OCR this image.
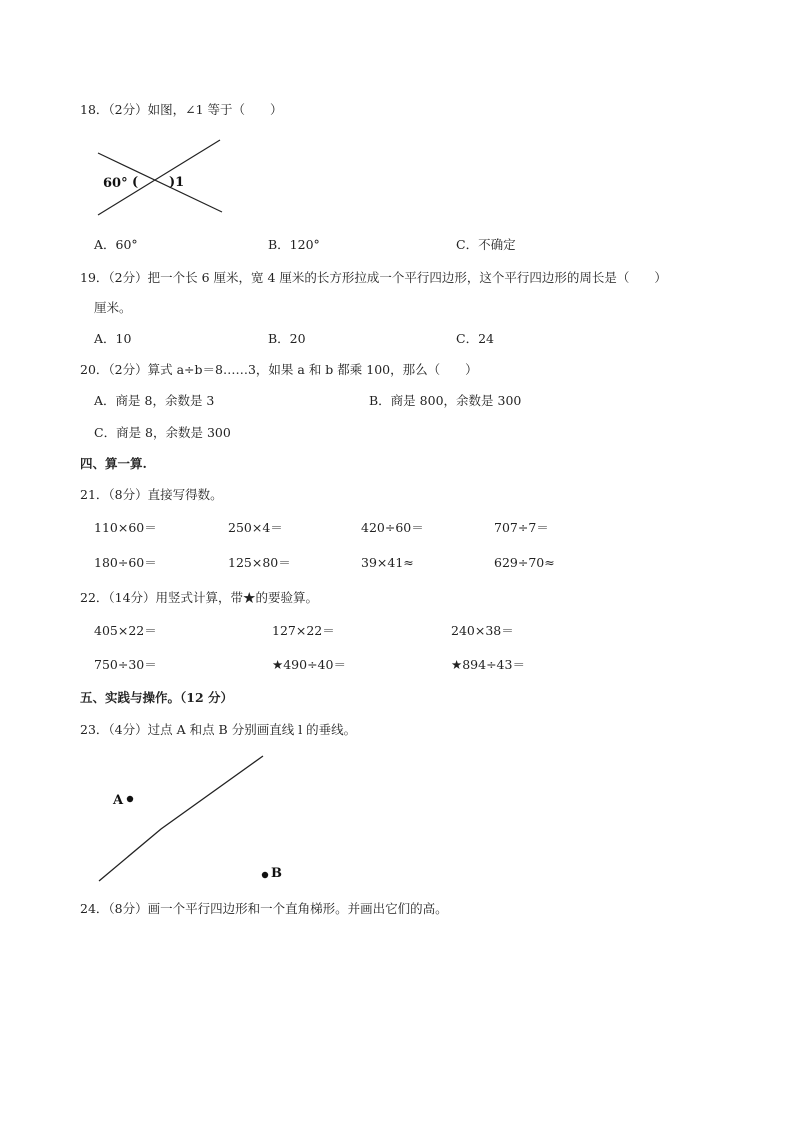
18．（2分）如图，∠1 等于（　　）
60° ( )1
A．60°	B．120°	C．不确定
19．（2分）把一个长 6 厘米，宽 4 厘米的长方形拉成一个平行四边形，这个平行四边形的周长是（　　）
厘米。
A．10	B．20	C．24
20．（2分）算式 a÷b＝8……3，如果 a 和 b 都乘 100，那么（　　）
A．商是 8，余数是 3	B．商是 800，余数是 300
C．商是 8，余数是 300
四、算一算.
21．（8分）直接写得数。
110×60＝	250×4＝	420÷60＝	707÷7＝
180÷60＝	125×80＝	39×41≈	629÷70≈
22．（14分）用竖式计算，带★的要验算。
405×22＝	127×22＝	240×38＝
750÷30＝	★490÷40＝	★894÷43＝
五、实践与操作。（12 分）
23．（4分）过点 A 和点 B 分别画直线 l 的垂线。
A
B
24．（8分）画一个平行四边形和一个直角梯形。并画出它们的高。
